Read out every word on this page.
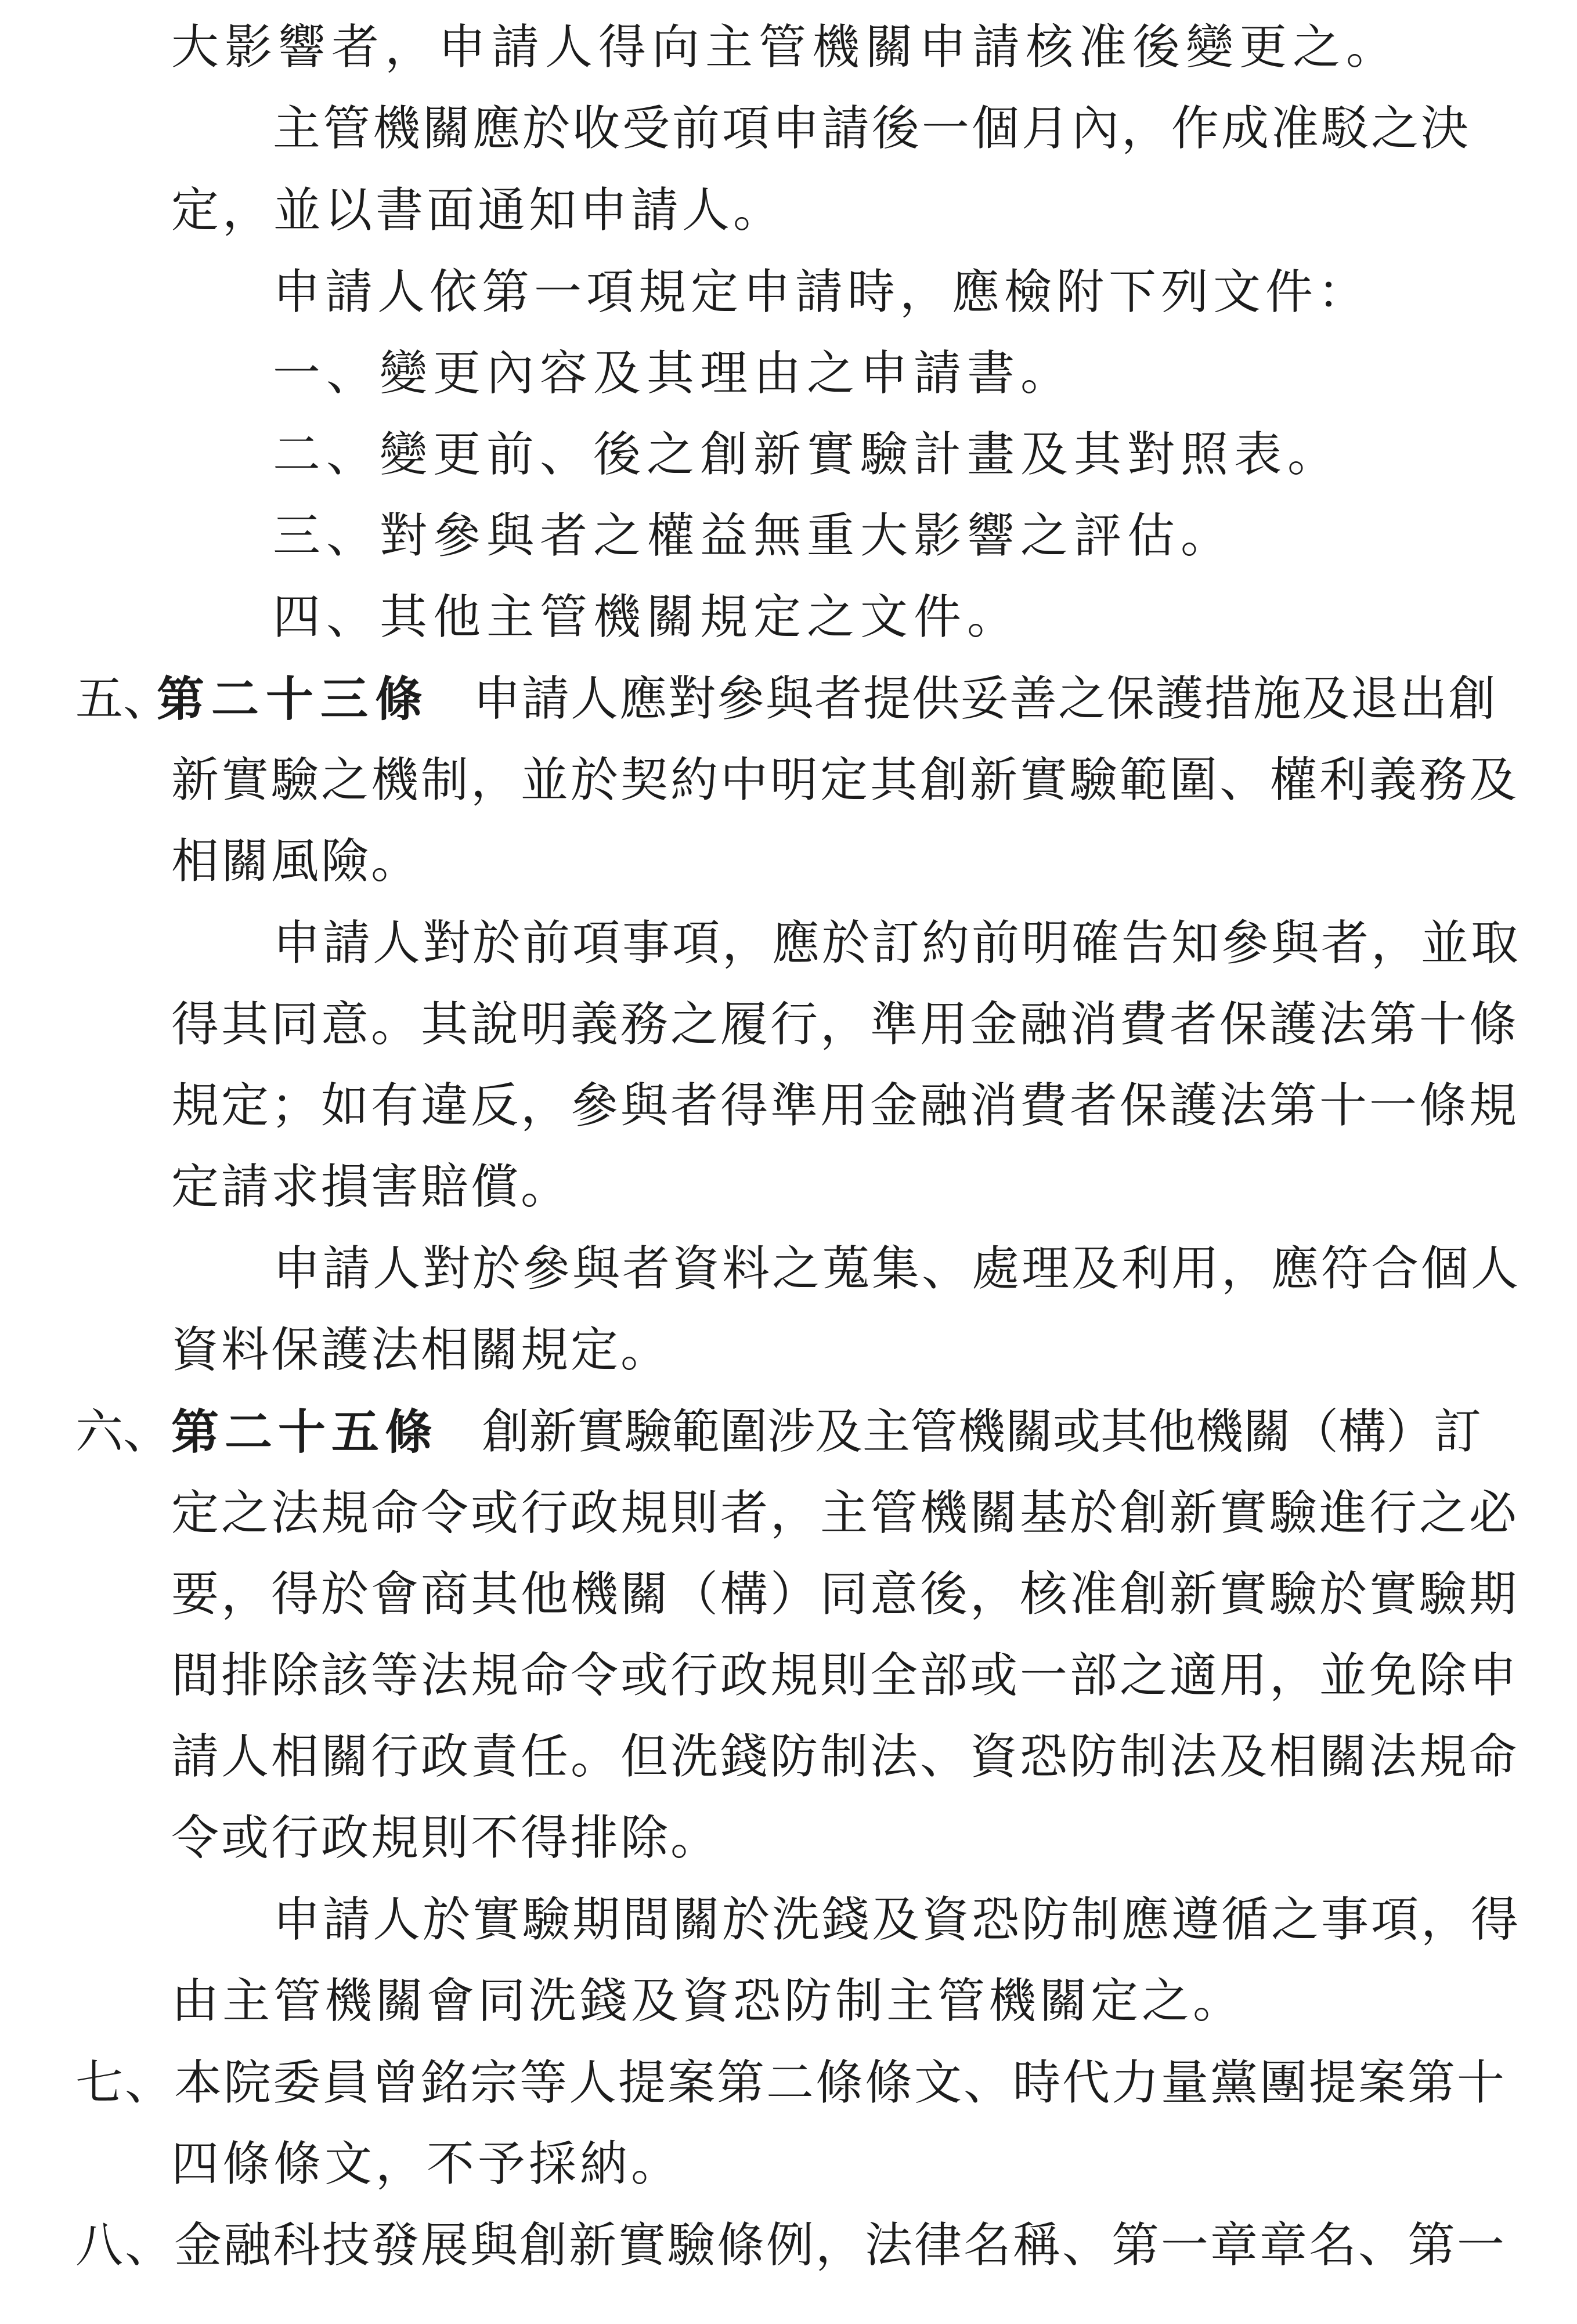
大影響者，申請人得向主管機關申請核准後變更之。
主管機關應於收受前項申請後一個月內，作成准駁之決
定，並以書面通知申請人。
申請人依第一項規定申請時，應檢附下列文件：
一、變更內容及其理由之申請書。
二、變更前、後之創新實驗計畫及其對照表。
三、對參與者之權益無重大影響之評估。
四、其他主管機關規定之文件。
五、
第二十三條 申請人應對參與者提供妥善之保護措施及退出創
新實驗之機制，並於契約中明定其創新實驗範圍、權利義務及
相關風險。
申請人對於前項事項，應於訂約前明確告知參與者，並取
得其同意。其說明義務之履行，準用金融消費者保護法第十條
規定；如有違反，參與者得準用金融消費者保護法第十一條規
定請求損害賠償。
申請人對於參與者資料之蒐集、處理及利用，應符合個人
資料保護法相關規定。
六、 第二十五條 創新實驗範圍涉及主管機關或其他機關（構）訂
定之法規命令或行政規則者，主管機關基於創新實驗進行之必
要，得於會商其他機關（構）同意後，核准創新實驗於實驗期
間排除該等法規命令或行政規則全部或一部之適用，並免除申
請人相關行政責任。但洗錢防制法、資恐防制法及相關法規命
令或行政規則不得排除。
申請人於實驗期間關於洗錢及資恐防制應遵循之事項，得
由主管機關會同洗錢及資恐防制主管機關定之。
七、本院委員曾銘宗等人提案第二條條文、時代力量黨團提案第十
四條條文，不予採納。
八、金融科技發展與創新實驗條例，法律名稱、第一章章名、第一
